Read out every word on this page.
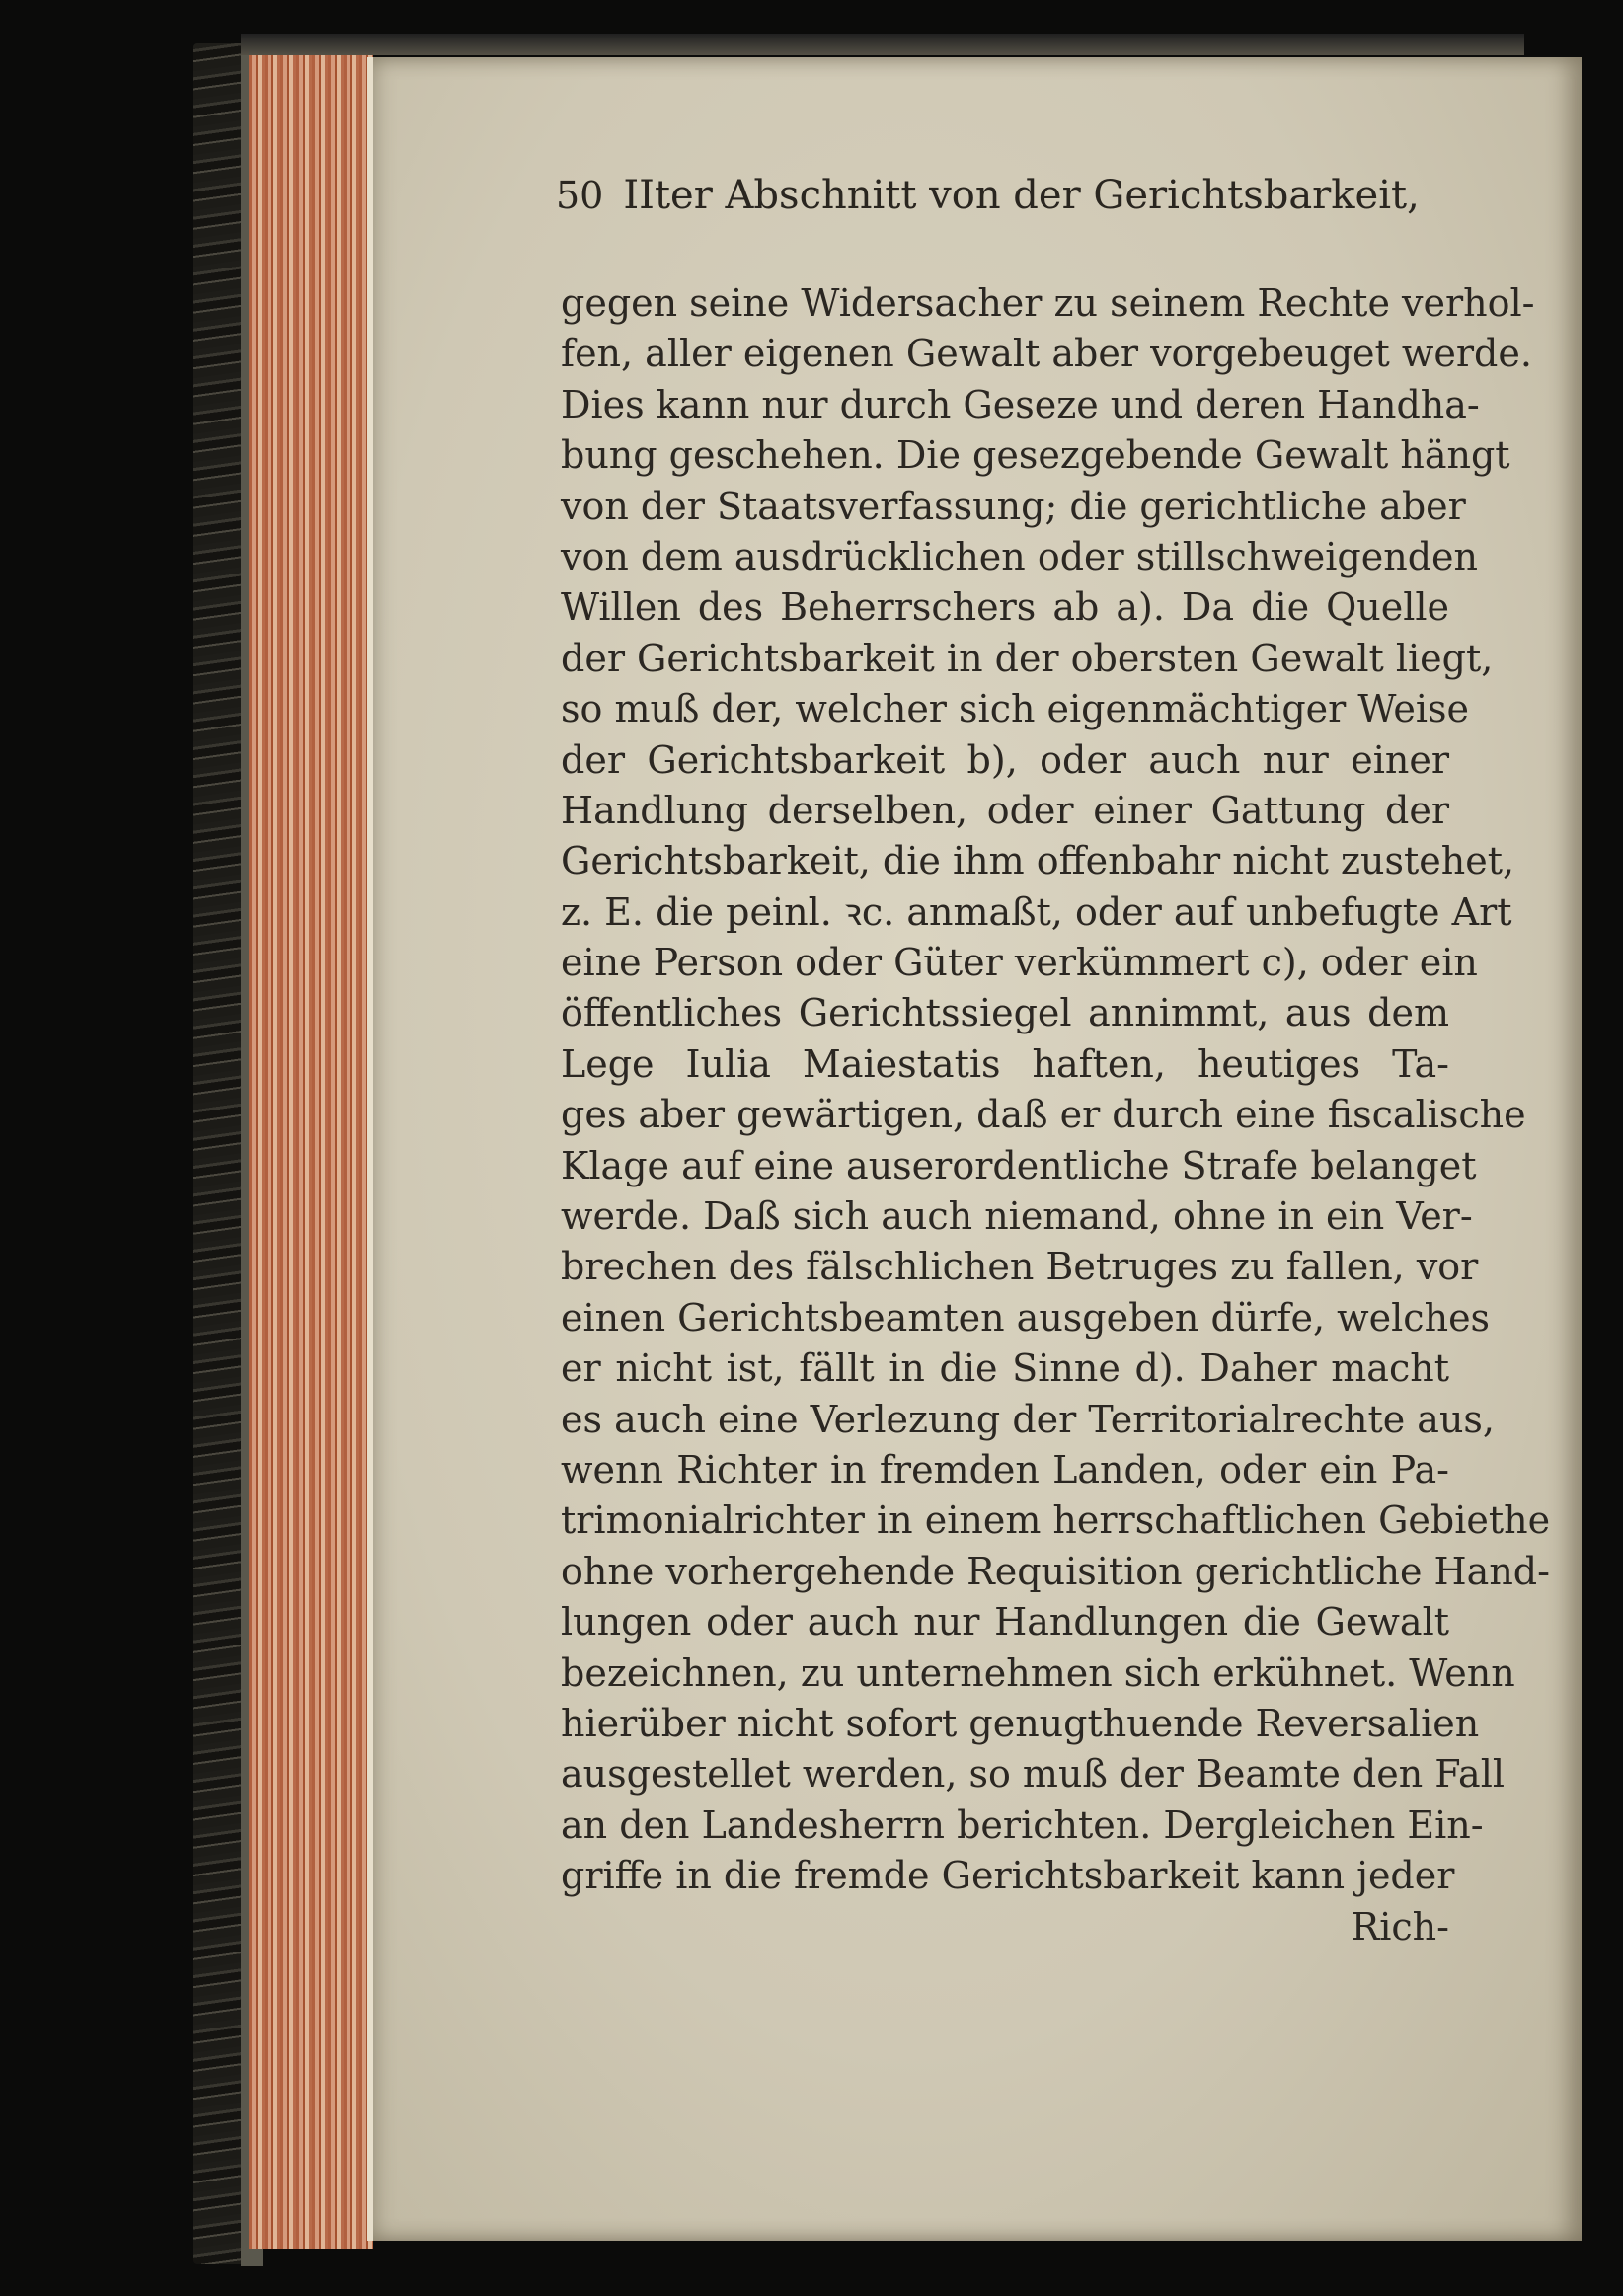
50 IIter Abschnitt von der Gerichtsbarkeit,
gegen seine Widersacher zu seinem Rechte verhol-
fen, aller eigenen Gewalt aber vorgebeuget werde.
Dies kann nur durch Geseze und deren Handha-
bung geschehen. Die gesezgebende Gewalt hängt
von der Staatsverfassung; die gerichtliche aber
von dem ausdrücklichen oder stillschweigenden
Willen des Beherrschers ab a). Da die Quelle
der Gerichtsbarkeit in der obersten Gewalt liegt,
so muß der, welcher sich eigenmächtiger Weise
der Gerichtsbarkeit b), oder auch nur einer
Handlung derselben, oder einer Gattung der
Gerichtsbarkeit, die ihm offenbahr nicht zustehet,
z. E. die peinl. ꝛc. anmaßt, oder auf unbefugte Art
eine Person oder Güter verkümmert c), oder ein
öffentliches Gerichtssiegel annimmt, aus dem
Lege Iulia Maiestatis haften, heutiges Ta-
ges aber gewärtigen, daß er durch eine fiscalische
Klage auf eine auserordentliche Strafe belanget
werde. Daß sich auch niemand, ohne in ein Ver-
brechen des fälschlichen Betruges zu fallen, vor
einen Gerichtsbeamten ausgeben dürfe, welches
er nicht ist, fällt in die Sinne d). Daher macht
es auch eine Verlezung der Territorialrechte aus,
wenn Richter in fremden Landen, oder ein Pa-
trimonialrichter in einem herrschaftlichen Gebiethe
ohne vorhergehende Requisition gerichtliche Hand-
lungen oder auch nur Handlungen die Gewalt
bezeichnen, zu unternehmen sich erkühnet. Wenn
hierüber nicht sofort genugthuende Reversalien
ausgestellet werden, so muß der Beamte den Fall
an den Landesherrn berichten. Dergleichen Ein-
griffe in die fremde Gerichtsbarkeit kann jeder
Rich-
